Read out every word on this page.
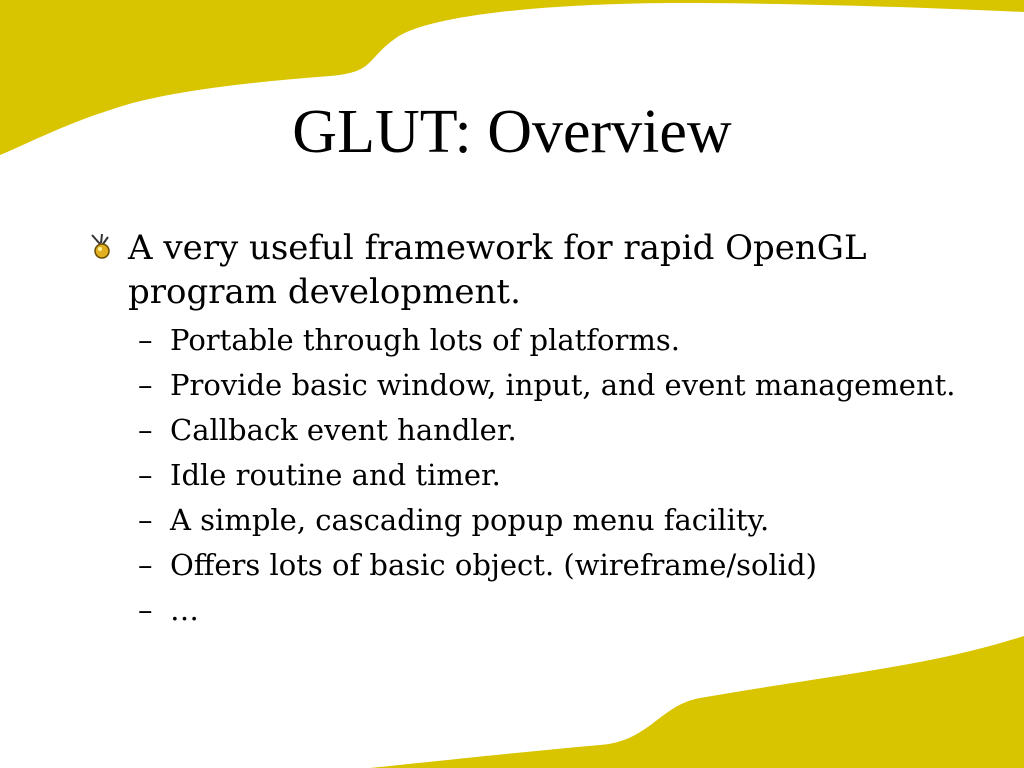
GLUT: Overview
A very useful framework for rapid OpenGL program development.
– Portable through lots of platforms.
– Provide basic window, input, and event management.
– Callback event handler.
– Idle routine and timer.
– A simple, cascading popup menu facility.
– Offers lots of basic object. (wireframe/solid)
– …
